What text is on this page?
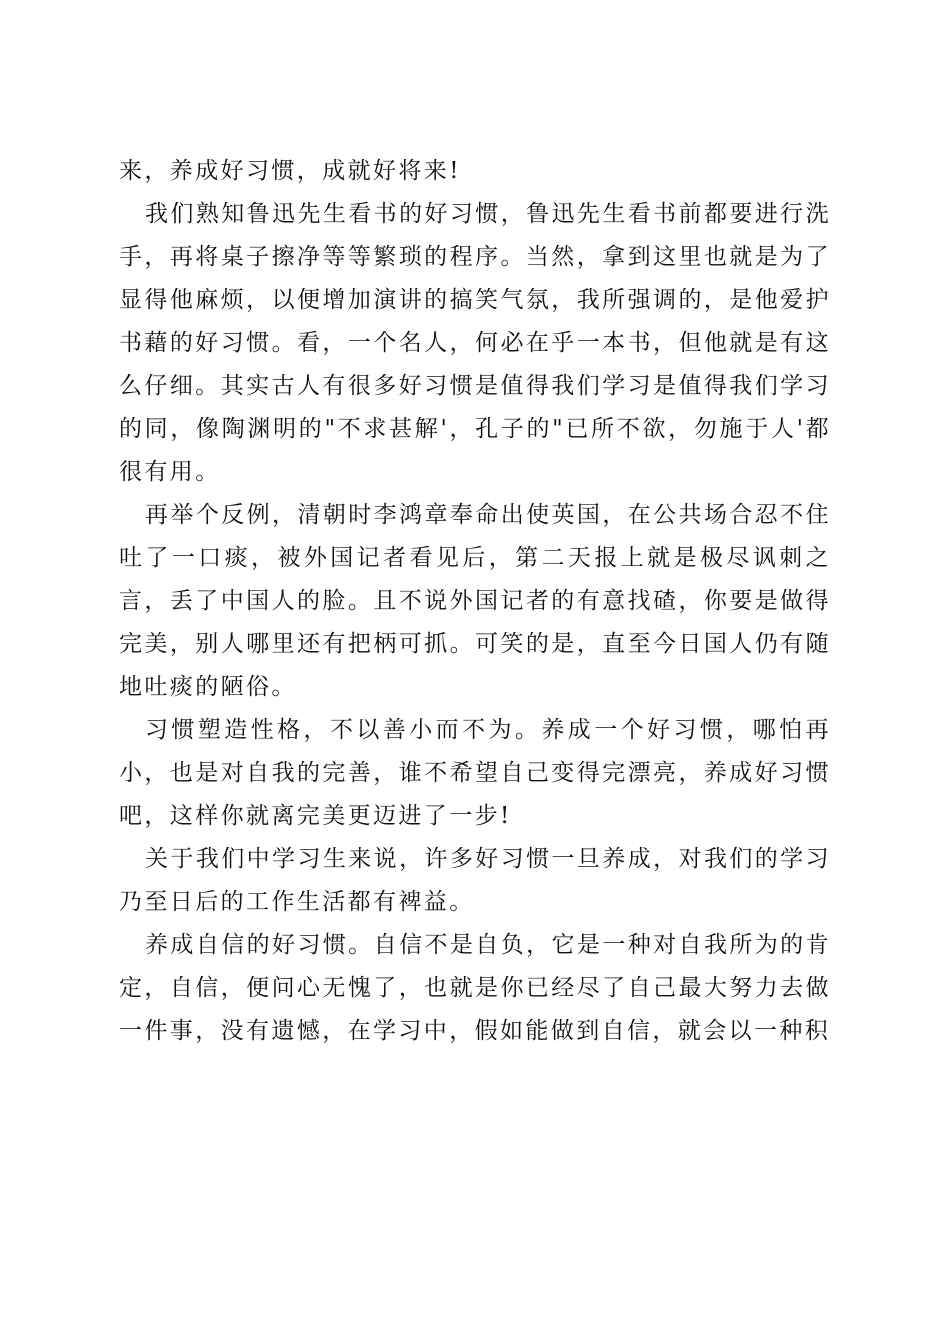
来，养成好习惯，成就好将来!

我们熟知鲁迅先生看书的好习惯，鲁迅先生看书前都要进行洗手，再将桌子擦净等等繁琐的程序。当然，拿到这里也就是为了显得他麻烦，以便增加演讲的搞笑气氛，我所强调的，是他爱护书藉的好习惯。看，一个名人，何必在乎一本书，但他就是有这么仔细。其实古人有很多好习惯是值得我们学习是值得我们学习的同，像陶渊明的"不求甚解'，孔子的"已所不欲，勿施于人'都很有用。

再举个反例，清朝时李鸿章奉命出使英国，在公共场合忍不住吐了一口痰，被外国记者看见后，第二天报上就是极尽讽刺之言，丢了中国人的脸。且不说外国记者的有意找碴，你要是做得完美，别人哪里还有把柄可抓。可笑的是，直至今日国人仍有随地吐痰的陋俗。

习惯塑造性格，不以善小而不为。养成一个好习惯，哪怕再小，也是对自我的完善，谁不希望自己变得完漂亮，养成好习惯吧，这样你就离完美更迈进了一步!

关于我们中学习生来说，许多好习惯一旦养成，对我们的学习乃至日后的工作生活都有裨益。

养成自信的好习惯。自信不是自负，它是一种对自我所为的肯定，自信，便问心无愧了，也就是你已经尽了自己最大努力去做一件事，没有遗憾，在学习中，假如能做到自信，就会以一种积
